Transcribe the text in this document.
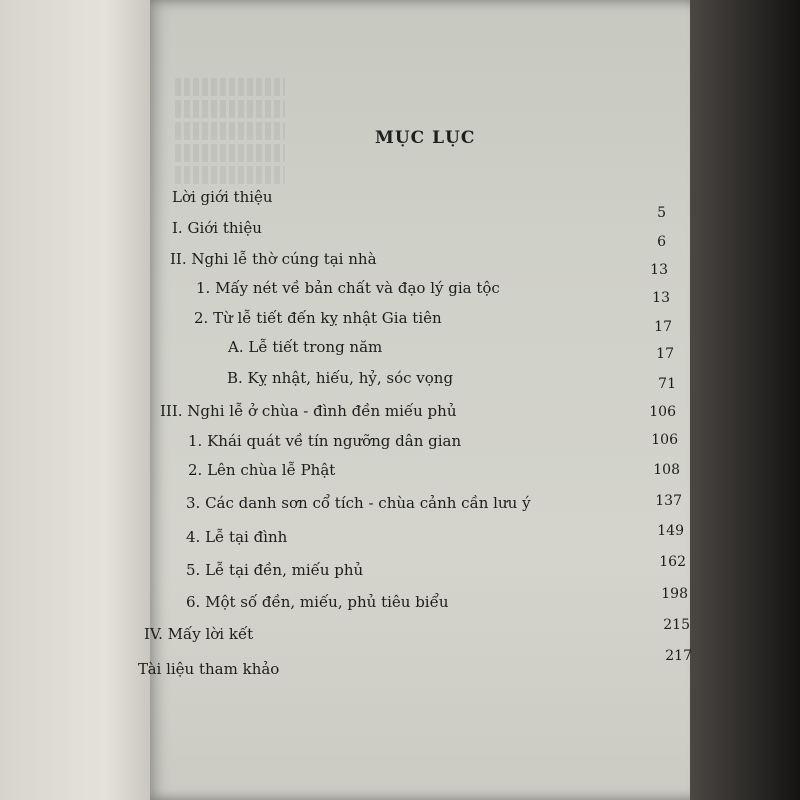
MỤC LỤC
Lời giới thiệu
I. Giới thiệu
II. Nghi lễ thờ cúng tại nhà
1. Mấy nét về bản chất và đạo lý gia tộc
2. Từ lễ tiết đến kỵ nhật Gia tiên
A. Lễ tiết trong năm
B. Kỵ nhật, hiếu, hỷ, sóc vọng
III. Nghi lễ ở chùa - đình đền miếu phủ
1. Khái quát về tín ngưỡng dân gian
2. Lên chùa lễ Phật
3. Các danh sơn cổ tích - chùa cảnh cần lưu ý
4. Lễ tại đình
5. Lễ tại đền, miếu phủ
6. Một số đền, miếu, phủ tiêu biểu
IV. Mấy lời kết
Tài liệu tham khảo
5
6
13
13
17
17
71
106
106
108
137
149
162
198
215
217
